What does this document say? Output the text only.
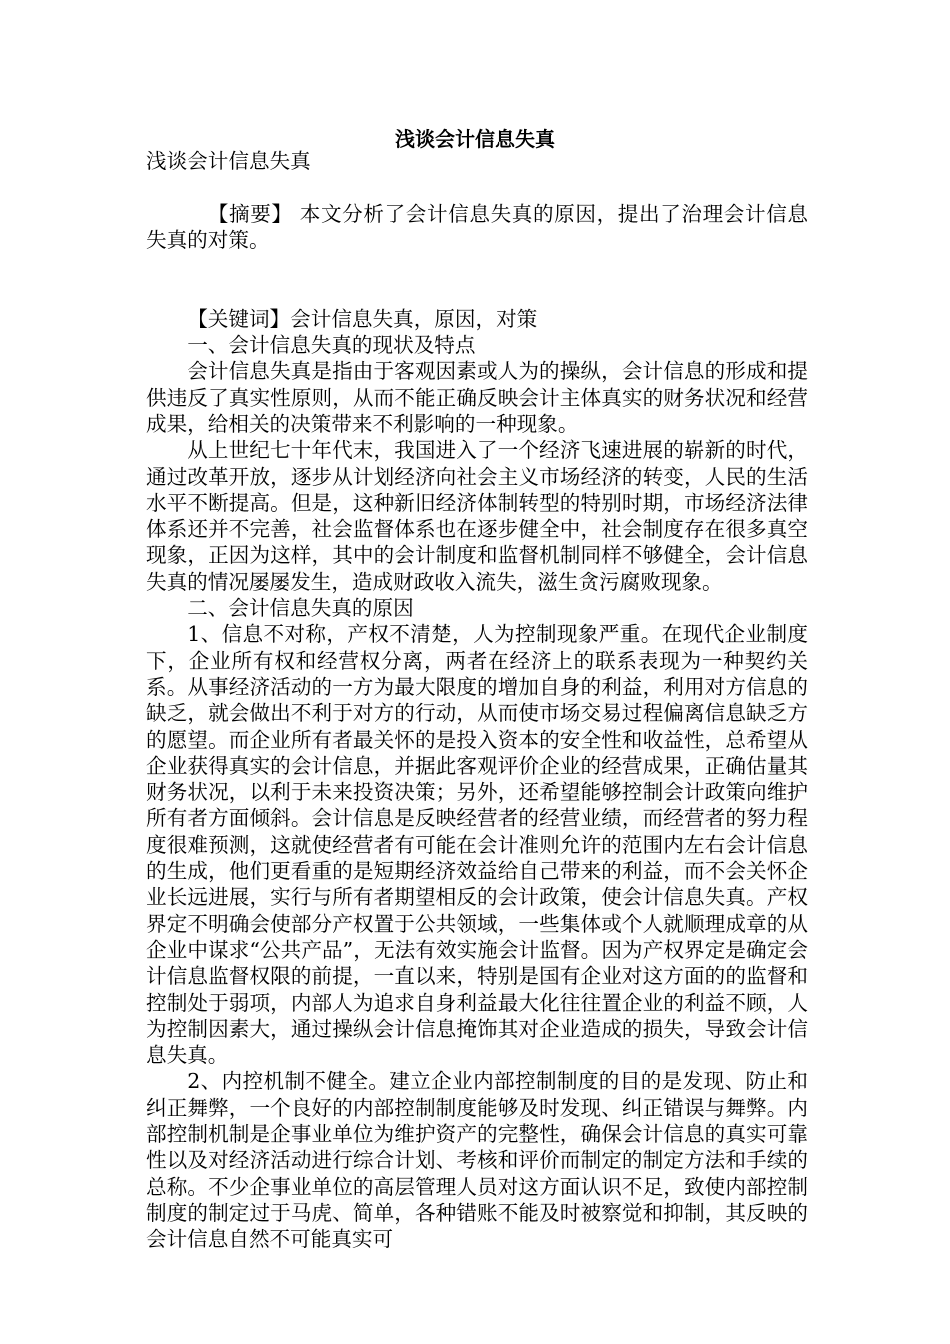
浅谈会计信息失真

浅谈会计信息失真

【摘要】 本文分析了会计信息失真的原因，提出了治理会计信息失真的对策。

【关键词】会计信息失真，原因，对策

一、会计信息失真的现状及特点

会计信息失真是指由于客观因素或人为的操纵，会计信息的形成和提供违反了真实性原则，从而不能正确反映会计主体真实的财务状况和经营成果，给相关的决策带来不利影响的一种现象。

从上世纪七十年代末，我国进入了一个经济飞速进展的崭新的时代，通过改革开放，逐步从计划经济向社会主义市场经济的转变，人民的生活水平不断提高。但是，这种新旧经济体制转型的特别时期，市场经济法律体系还并不完善，社会监督体系也在逐步健全中，社会制度存在很多真空现象，正因为这样，其中的会计制度和监督机制同样不够健全，会计信息失真的情况屡屡发生，造成财政收入流失，滋生贪污腐败现象。

二、会计信息失真的原因

1、信息不对称，产权不清楚，人为控制现象严重。在现代企业制度下，企业所有权和经营权分离，两者在经济上的联系表现为一种契约关系。从事经济活动的一方为最大限度的增加自身的利益，利用对方信息的缺乏，就会做出不利于对方的行动，从而使市场交易过程偏离信息缺乏方的愿望。而企业所有者最关怀的是投入资本的安全性和收益性，总希望从企业获得真实的会计信息，并据此客观评价企业的经营成果，正确估量其财务状况，以利于未来投资决策；另外，还希望能够控制会计政策向维护所有者方面倾斜。会计信息是反映经营者的经营业绩，而经营者的努力程度很难预测，这就使经营者有可能在会计准则允许的范围内左右会计信息的生成，他们更看重的是短期经济效益给自己带来的利益，而不会关怀企业长远进展，实行与所有者期望相反的会计政策，使会计信息失真。产权界定不明确会使部分产权置于公共领域，一些集体或个人就顺理成章的从企业中谋求“公共产品”，无法有效实施会计监督。因为产权界定是确定会计信息监督权限的前提，一直以来，特别是国有企业对这方面的的监督和控制处于弱项，内部人为追求自身利益最大化往往置企业的利益不顾，人为控制因素大，通过操纵会计信息掩饰其对企业造成的损失，导致会计信息失真。

2、内控机制不健全。建立企业内部控制制度的目的是发现、防止和纠正舞弊，一个良好的内部控制制度能够及时发现、纠正错误与舞弊。内部控制机制是企事业单位为维护资产的完整性，确保会计信息的真实可靠性以及对经济活动进行综合计划、考核和评价而制定的制定方法和手续的总称。不少企事业单位的高层管理人员对这方面认识不足，致使内部控制制度的制定过于马虎、简单，各种错账不能及时被察觉和抑制，其反映的会计信息自然不可能真实可
